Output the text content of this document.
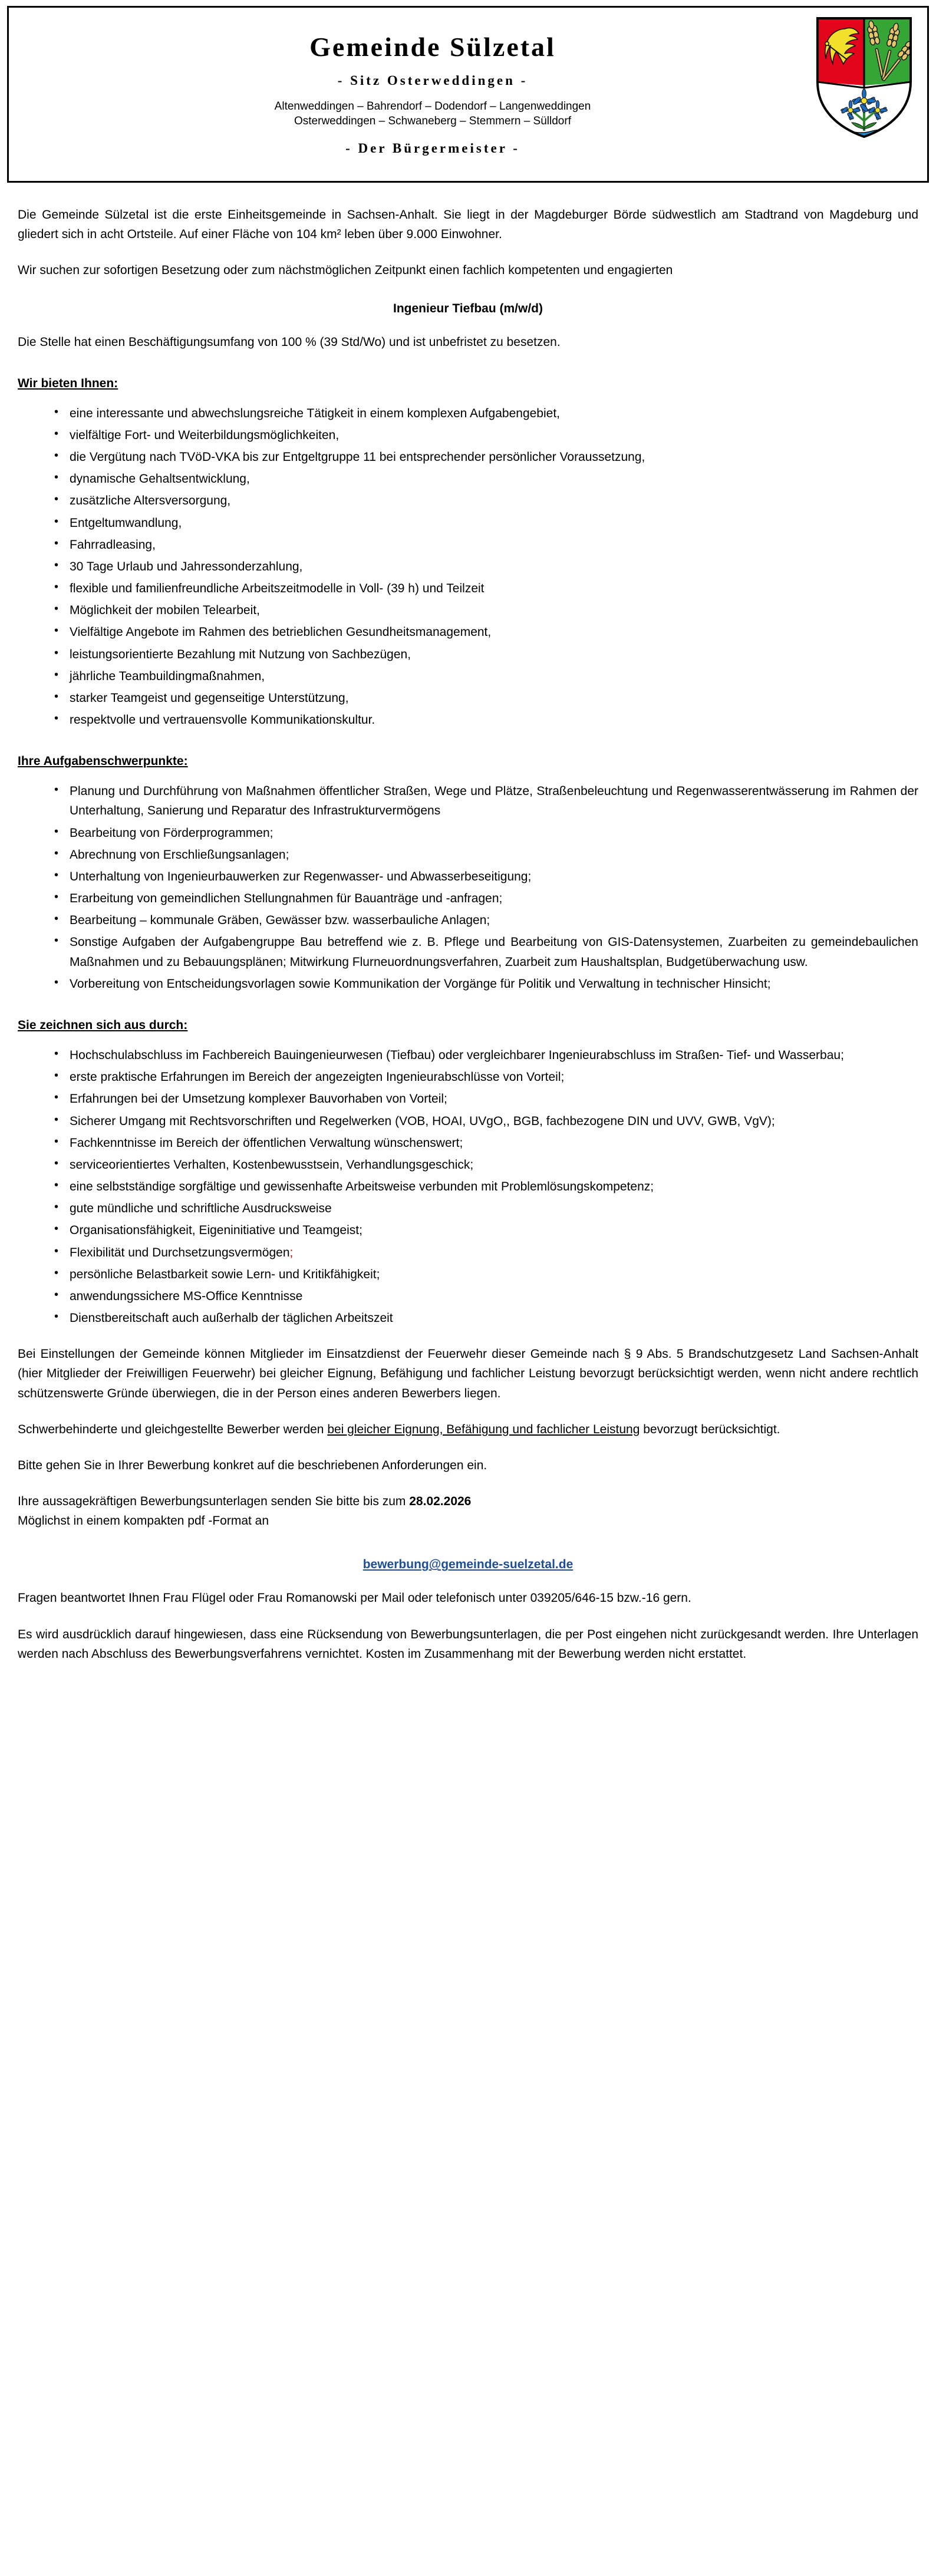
Gemeinde Sülzetal
- Sitz Osterweddingen -
Altenweddingen – Bahrendorf – Dodendorf – Langenweddingen
Osterweddingen – Schwaneberg – Stemmern – Sülldorf
- Der Bürgermeister -

Die Gemeinde Sülzetal ist die erste Einheitsgemeinde in Sachsen-Anhalt. Sie liegt in der Magdeburger Börde südwestlich am Stadtrand von Magdeburg und gliedert sich in acht Ortsteile. Auf einer Fläche von 104 km² leben über 9.000 Einwohner.

Wir suchen zur sofortigen Besetzung oder zum nächstmöglichen Zeitpunkt einen fachlich kompetenten und engagierten

Ingenieur Tiefbau (m/w/d)

Die Stelle hat einen Beschäftigungsumfang von 100 % (39 Std/Wo) und ist unbefristet zu besetzen.

Wir bieten Ihnen:
• eine interessante und abwechslungsreiche Tätigkeit in einem komplexen Aufgabengebiet,
• vielfältige Fort- und Weiterbildungsmöglichkeiten,
• die Vergütung nach TVöD-VKA bis zur Entgeltgruppe 11 bei entsprechender persönlicher Voraussetzung,
• dynamische Gehaltsentwicklung,
• zusätzliche Altersversorgung,
• Entgeltumwandlung,
• Fahrradleasing,
• 30 Tage Urlaub und Jahressonderzahlung,
• flexible und familienfreundliche Arbeitszeitmodelle in Voll- (39 h) und Teilzeit
• Möglichkeit der mobilen Telearbeit,
• Vielfältige Angebote im Rahmen des betrieblichen Gesundheitsmanagement,
• leistungsorientierte Bezahlung mit Nutzung von Sachbezügen,
• jährliche Teambuildingmaßnahmen,
• starker Teamgeist und gegenseitige Unterstützung,
• respektvolle und vertrauensvolle Kommunikationskultur.
Ihre Aufgabenschwerpunkte:
• Planung und Durchführung von Maßnahmen öffentlicher Straßen, Wege und Plätze, Straßenbeleuchtung und Regenwasserentwässerung im Rahmen der Unterhaltung, Sanierung und Reparatur des Infrastrukturvermögens
• Bearbeitung von Förderprogrammen;
• Abrechnung von Erschließungsanlagen;
• Unterhaltung von Ingenieurbauwerken zur Regenwasser- und Abwasserbeseitigung;
• Erarbeitung von gemeindlichen Stellungnahmen für Bauanträge und -anfragen;
• Bearbeitung – kommunale Gräben, Gewässer bzw. wasserbauliche Anlagen;
• Sonstige Aufgaben der Aufgabengruppe Bau betreffend wie z. B. Pflege und Bearbeitung von GIS-Datensystemen, Zuarbeiten zu gemeindebaulichen Maßnahmen und zu Bebauungsplänen; Mitwirkung Flurneuordnungsverfahren, Zuarbeit zum Haushaltsplan, Budgetüberwachung usw.
• Vorbereitung von Entscheidungsvorlagen sowie Kommunikation der Vorgänge für Politik und Verwaltung in technischer Hinsicht;
Sie zeichnen sich aus durch:
• Hochschulabschluss im Fachbereich Bauingenieurwesen (Tiefbau) oder vergleichbarer Ingenieurabschluss im Straßen- Tief- und Wasserbau;
• erste praktische Erfahrungen im Bereich der angezeigten Ingenieurabschlüsse von Vorteil;
• Erfahrungen bei der Umsetzung komplexer Bauvorhaben von Vorteil;
• Sicherer Umgang mit Rechtsvorschriften und Regelwerken (VOB, HOAI, UVgO,, BGB, fachbezogene DIN und UVV, GWB, VgV);
• Fachkenntnisse im Bereich der öffentlichen Verwaltung wünschenswert;
• serviceorientiertes Verhalten, Kostenbewusstsein, Verhandlungsgeschick;
• eine selbstständige sorgfältige und gewissenhafte Arbeitsweise verbunden mit Problemlösungskompetenz;
• gute mündliche und schriftliche Ausdrucksweise
• Organisationsfähigkeit, Eigeninitiative und Teamgeist;
• Flexibilität und Durchsetzungsvermögen;
• persönliche Belastbarkeit sowie Lern- und Kritikfähigkeit;
• anwendungssichere MS-Office Kenntnisse
• Dienstbereitschaft auch außerhalb der täglichen Arbeitszeit

Bei Einstellungen der Gemeinde können Mitglieder im Einsatzdienst der Feuerwehr dieser Gemeinde nach § 9 Abs. 5 Brandschutzgesetz Land Sachsen-Anhalt (hier Mitglieder der Freiwilligen Feuerwehr) bei gleicher Eignung, Befähigung und fachlicher Leistung bevorzugt berücksichtigt werden, wenn nicht andere rechtlich schützenswerte Gründe überwiegen, die in der Person eines anderen Bewerbers liegen.

Schwerbehinderte und gleichgestellte Bewerber werden bei gleicher Eignung, Befähigung und fachlicher Leistung bevorzugt berücksichtigt.

Bitte gehen Sie in Ihrer Bewerbung konkret auf die beschriebenen Anforderungen ein.

Ihre aussagekräftigen Bewerbungsunterlagen senden Sie bitte bis zum 28.02.2026
Möglichst in einem kompakten pdf -Format an

bewerbung@gemeinde-suelzetal.de

Fragen beantwortet Ihnen Frau Flügel oder Frau Romanowski per Mail oder telefonisch unter 039205/646-15 bzw.-16 gern.

Es wird ausdrücklich darauf hingewiesen, dass eine Rücksendung von Bewerbungsunterlagen, die per Post eingehen nicht zurückgesandt werden. Ihre Unterlagen werden nach Abschluss des Bewerbungsverfahrens vernichtet. Kosten im Zusammenhang mit der Bewerbung werden nicht erstattet.
